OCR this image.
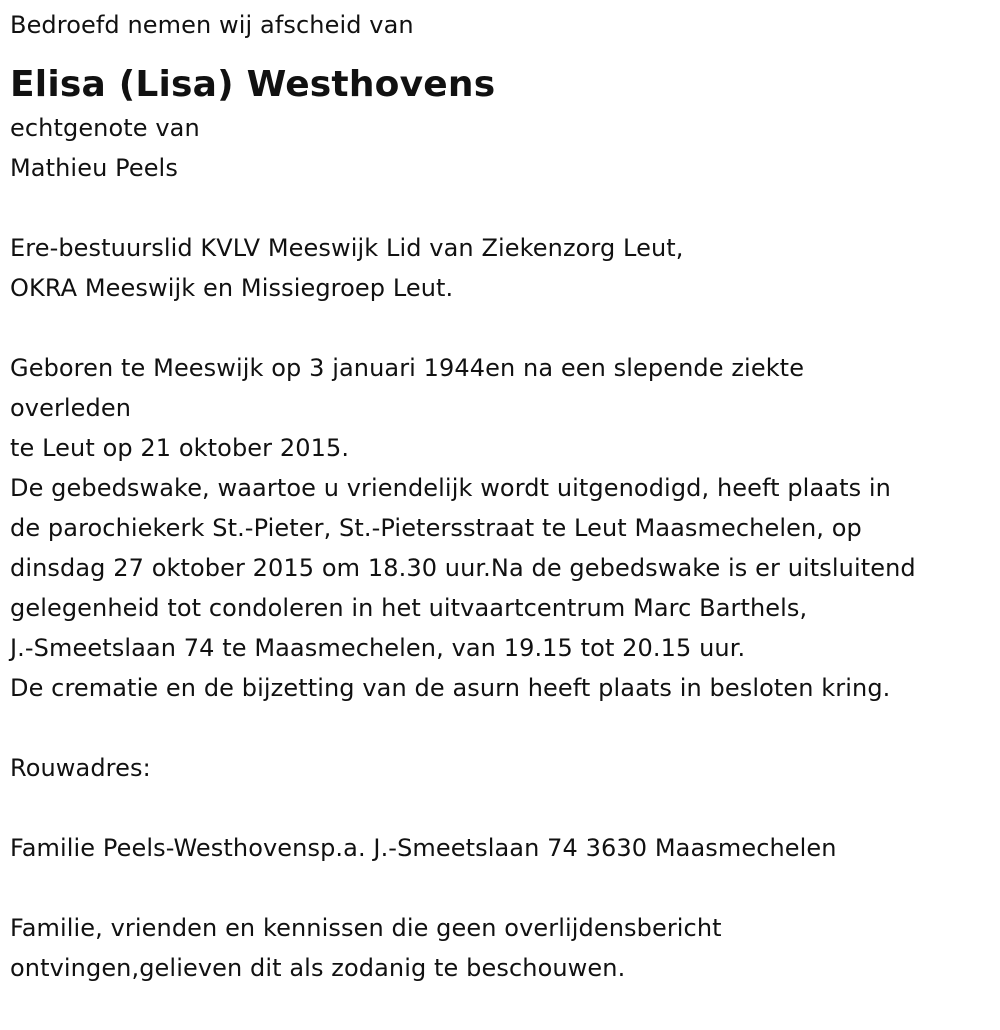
Bedroefd nemen wij afscheid van
Elisa (Lisa) Westhovens
echtgenote van
Mathieu Peels
Ere-bestuurslid KVLV Meeswijk Lid van Ziekenzorg Leut,
OKRA Meeswijk en Missiegroep Leut.
Geboren te Meeswijk op 3 januari 1944en na een slepende ziekte
overleden
te Leut op 21 oktober 2015.
De gebedswake, waartoe u vriendelijk wordt uitgenodigd, heeft plaats in
de parochiekerk St.-Pieter, St.-Pietersstraat te Leut Maasmechelen, op
dinsdag 27 oktober 2015 om 18.30 uur.Na de gebedswake is er uitsluitend
gelegenheid tot condoleren in het uitvaartcentrum Marc Barthels,
J.-Smeetslaan 74 te Maasmechelen, van 19.15 tot 20.15 uur.
De crematie en de bijzetting van de asurn heeft plaats in besloten kring.
Rouwadres:
Familie Peels-Westhovensp.a. J.-Smeetslaan 74 3630 Maasmechelen
Familie, vrienden en kennissen die geen overlijdensbericht
ontvingen,gelieven dit als zodanig te beschouwen.
